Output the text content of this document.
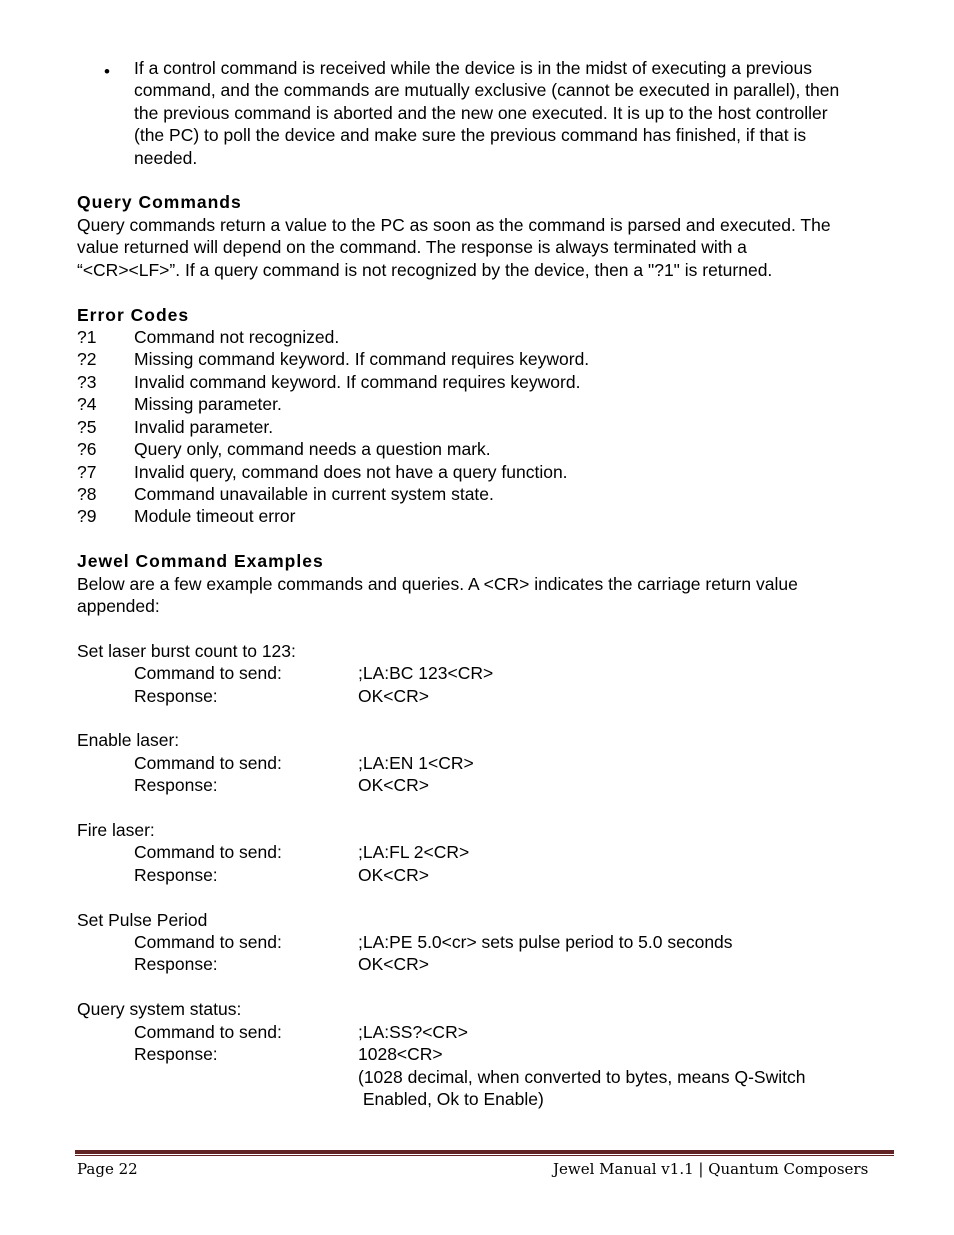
• If a control command is received while the device is in the midst of executing a previous
command, and the commands are mutually exclusive (cannot be executed in parallel), then
the previous command is aborted and the new one executed. It is up to the host controller
(the PC) to poll the device and make sure the previous command has finished, if that is
needed.
Query Commands
Query commands return a value to the PC as soon as the command is parsed and executed. The
value returned will depend on the command. The response is always terminated with a
“<CR><LF>”. If a query command is not recognized by the device, then a "?1" is returned.
Error Codes
?1 Command not recognized.
?2 Missing command keyword. If command requires keyword.
?3 Invalid command keyword. If command requires keyword.
?4 Missing parameter.
?5 Invalid parameter.
?6 Query only, command needs a question mark.
?7 Invalid query, command does not have a query function.
?8 Command unavailable in current system state.
?9 Module timeout error
Jewel Command Examples
Below are a few example commands and queries. A <CR> indicates the carriage return value
appended:
Set laser burst count to 123:
Command to send:	;LA:BC 123<CR>
Response:	OK<CR>
Enable laser:
Command to send:	;LA:EN 1<CR>
Response:	OK<CR>
Fire laser:
Command to send:	;LA:FL 2<CR>
Response:	OK<CR>
Set Pulse Period
Command to send:	;LA:PE 5.0<cr> sets pulse period to 5.0 seconds
Response:	OK<CR>
Query system status:
Command to send:	;LA:SS?<CR>
Response:	1028<CR>
(1028 decimal, when converted to bytes, means Q-Switch
Enabled, Ok to Enable)
Page 22	Jewel Manual v1.1 | Quantum Composers
